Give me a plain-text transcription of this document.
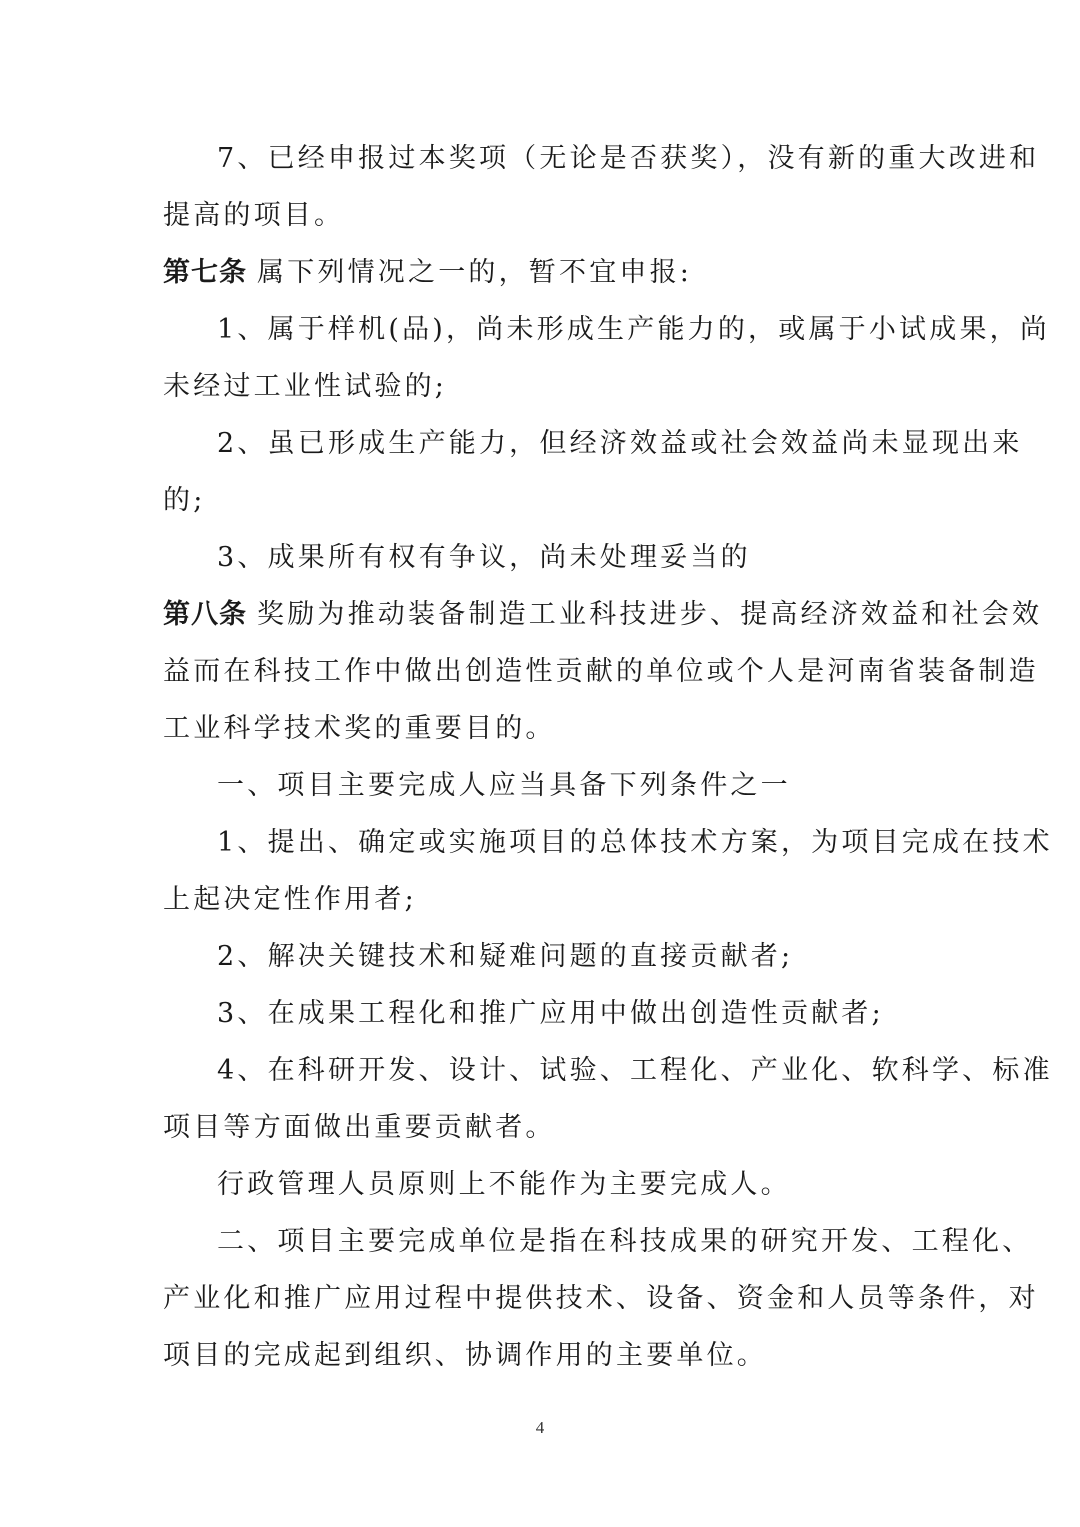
7、已经申报过本奖项（无论是否获奖），没有新的重大改进和
提高的项目。
第七条 属下列情况之一的，暂不宜申报:
1、属于样机(品)，尚未形成生产能力的，或属于小试成果，尚
未经过工业性试验的;
2、虽已形成生产能力，但经济效益或社会效益尚未显现出来
的;
3、成果所有权有争议，尚未处理妥当的
第八条 奖励为推动装备制造工业科技进步、提高经济效益和社会效
益而在科技工作中做出创造性贡献的单位或个人是河南省装备制造
工业科学技术奖的重要目的。
一、项目主要完成人应当具备下列条件之一
1、提出、确定或实施项目的总体技术方案，为项目完成在技术
上起决定性作用者;
2、解决关键技术和疑难问题的直接贡献者;
3、在成果工程化和推广应用中做出创造性贡献者;
4、在科研开发、设计、试验、工程化、产业化、软科学、标准
项目等方面做出重要贡献者。
行政管理人员原则上不能作为主要完成人。
二、项目主要完成单位是指在科技成果的研究开发、工程化、
产业化和推广应用过程中提供技术、设备、资金和人员等条件，对
项目的完成起到组织、协调作用的主要单位。
4
